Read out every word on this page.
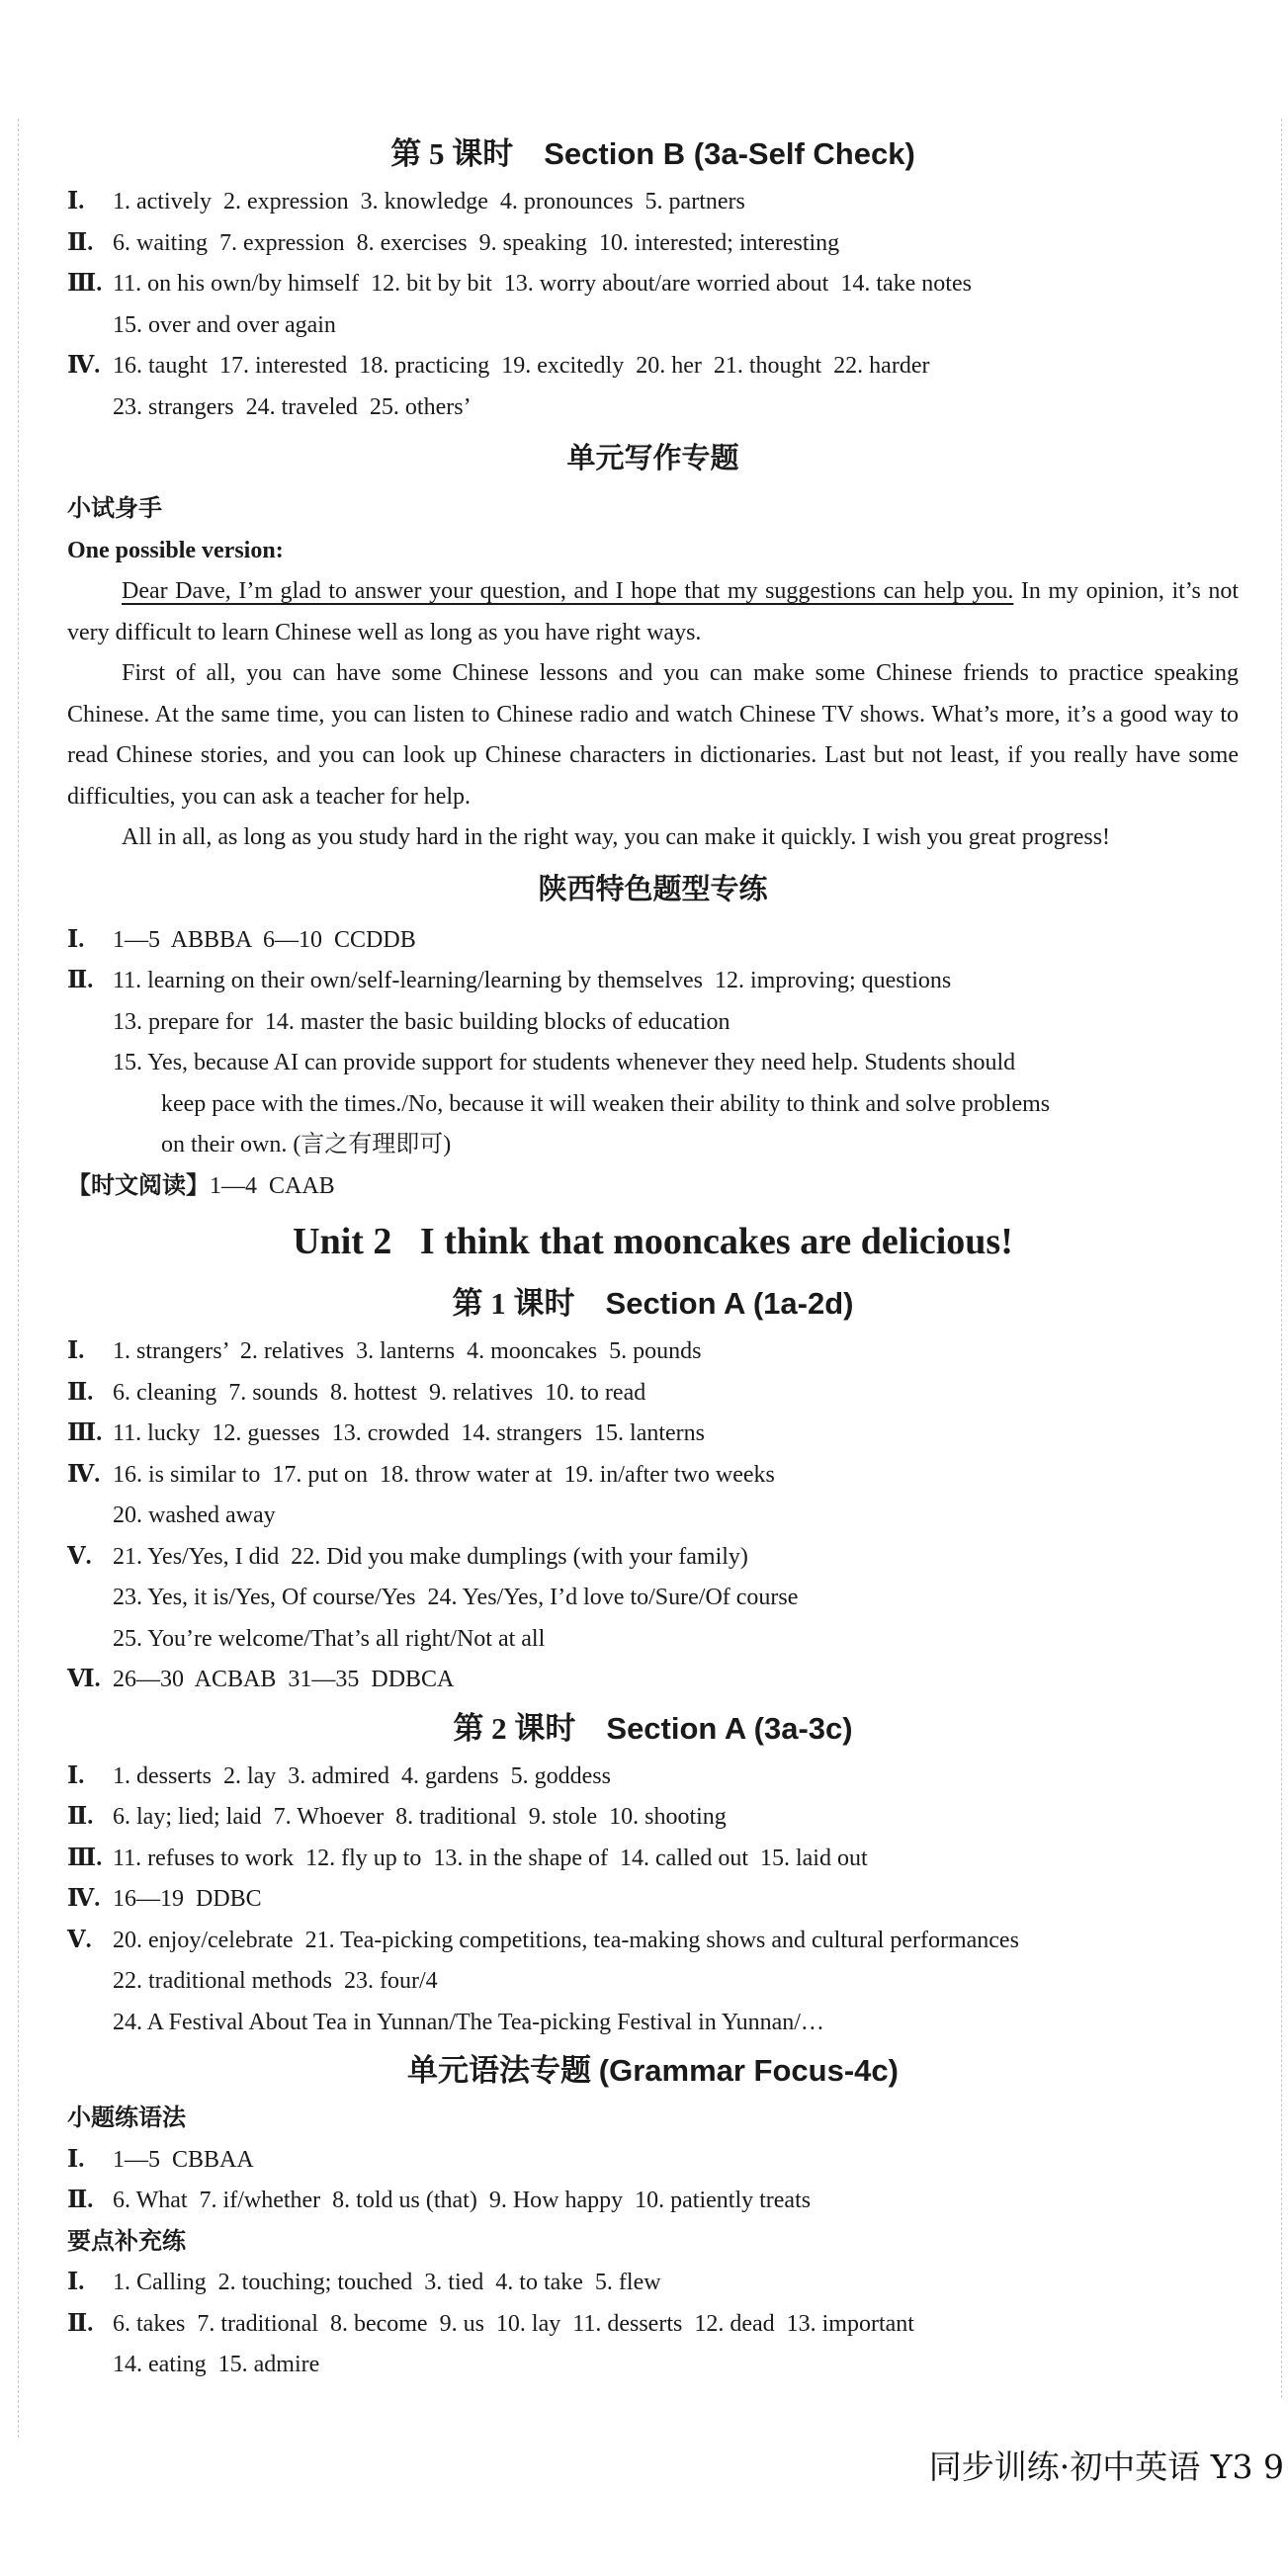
第 5 课时 Section B (3a-Self Check)
Ⅰ. 1. actively  2. expression  3. knowledge  4. pronounces  5. partners
Ⅱ. 6. waiting  7. expression  8. exercises  9. speaking  10. interested; interesting
Ⅲ. 11. on his own/by himself  12. bit by bit  13. worry about/are worried about  14. take notes
15. over and over again
Ⅳ. 16. taught  17. interested  18. practicing  19. excitedly  20. her  21. thought  22. harder
23. strangers  24. traveled  25. others’
单元写作专题
小试身手
One possible version:

Dear Dave, I’m glad to answer your question, and I hope that my suggestions can help you. In my opinion, it’s not very difficult to learn Chinese well as long as you have right ways.

First of all, you can have some Chinese lessons and you can make some Chinese friends to practice speaking Chinese. At the same time, you can listen to Chinese radio and watch Chinese TV shows. What’s more, it’s a good way to read Chinese stories, and you can look up Chinese characters in dictionaries. Last but not least, if you really have some difficulties, you can ask a teacher for help.

All in all, as long as you study hard in the right way, you can make it quickly. I wish you great progress!

陕西特色题型专练
Ⅰ. 1—5  ABBBA  6—10  CCDDB
Ⅱ. 11. learning on their own/self-learning/learning by themselves  12. improving; questions
13. prepare for  14. master the basic building blocks of education
15. Yes, because AI can provide support for students whenever they need help. Students should
keep pace with the times./No, because it will weaken their ability to think and solve problems
on their own. (言之有理即可)
【时文阅读】1—4  CAAB
Unit 2   I think that mooncakes are delicious!
第 1 课时 Section A (1a-2d)
Ⅰ. 1. strangers’  2. relatives  3. lanterns  4. mooncakes  5. pounds
Ⅱ. 6. cleaning  7. sounds  8. hottest  9. relatives  10. to read
Ⅲ. 11. lucky  12. guesses  13. crowded  14. strangers  15. lanterns
Ⅳ. 16. is similar to  17. put on  18. throw water at  19. in/after two weeks
20. washed away
Ⅴ. 21. Yes/Yes, I did  22. Did you make dumplings (with your family)
23. Yes, it is/Yes, Of course/Yes  24. Yes/Yes, I’d love to/Sure/Of course
25. You’re welcome/That’s all right/Not at all
Ⅵ. 26—30  ACBAB  31—35  DDBCA
第 2 课时 Section A (3a-3c)
Ⅰ. 1. desserts  2. lay  3. admired  4. gardens  5. goddess
Ⅱ. 6. lay; lied; laid  7. Whoever  8. traditional  9. stole  10. shooting
Ⅲ. 11. refuses to work  12. fly up to  13. in the shape of  14. called out  15. laid out
Ⅳ. 16—19  DDBC
Ⅴ. 20. enjoy/celebrate  21. Tea-picking competitions, tea-making shows and cultural performances
22. traditional methods  23. four/4
24. A Festival About Tea in Yunnan/The Tea-picking Festival in Yunnan/…
单元语法专题 (Grammar Focus-4c)
小题练语法
Ⅰ. 1—5  CBBAA
Ⅱ. 6. What  7. if/whether  8. told us (that)  9. How happy  10. patiently treats
要点补充练
Ⅰ. 1. Calling  2. touching; touched  3. tied  4. to take  5. flew
Ⅱ. 6. takes  7. traditional  8. become  9. us  10. lay  11. desserts  12. dead  13. important
14. eating  15. admire
同步训练·初中英语 Y3 9
